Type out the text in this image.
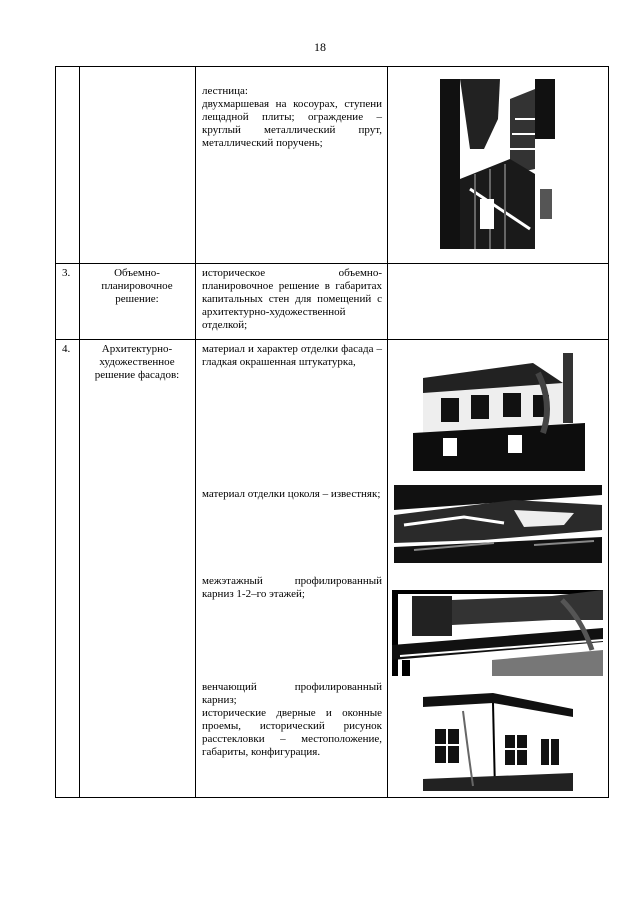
18

лестница:

двухмаршевая на косоурах, ступени лещадной плиты; ограждение – круглый металлический прут, металлический поручень;

3.	Объемно-планировочное решение:

историческое объемно-планировочное решение в габаритах капитальных стен для помещений с архитектурно-художественной отделкой;

4.	Архитектурно-художественное решение фасадов:

материал и характер отделки фасада – гладкая окрашенная штукатурка,

материал отделки цоколя – известняк;

межэтажный профилированный карниз 1-2–го этажей;

венчающий профилированный карниз;

исторические дверные и оконные проемы, исторический рисунок расстекловки – местоположение, габариты, конфигурация.
